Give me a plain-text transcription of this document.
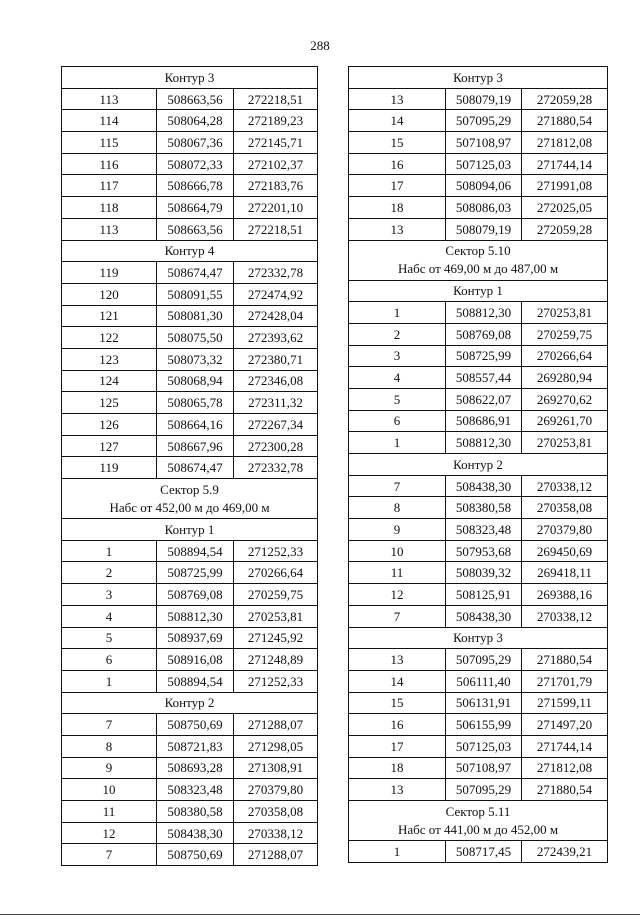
288
Контур 3		
113	508663,56	272218,51
114	508064,28	272189,23
115	508067,36	272145,71
116	508072,33	272102,37
117	508666,78	272183,76
118	508664,79	272201,10
113	508663,56	272218,51
Контур 4		
119	508674,47	272332,78
120	508091,55	272474,92
121	508081,30	272428,04
122	508075,50	272393,62
123	508073,32	272380,71
124	508068,94	272346,08
125	508065,78	272311,32
126	508664,16	272267,34
127	508667,96	272300,28
119	508674,47	272332,78

Сектор 5.9
Набс от 452,00 м до 469,00 м		

Контур 1		
1	508894,54	271252,33
2	508725,99	270266,64
3	508769,08	270259,75
4	508812,30	270253,81
5	508937,69	271245,92
6	508916,08	271248,89
1	508894,54	271252,33
Контур 2		
7	508750,69	271288,07
8	508721,83	271298,05
9	508693,28	271308,91
10	508323,48	270379,80
11	508380,58	270358,08
12	508438,30	270338,12
7	508750,69	271288,07
Контур 3		
13	508079,19	272059,28
14	507095,29	271880,54
15	507108,97	271812,08
16	507125,03	271744,14
17	508094,06	271991,08
18	508086,03	272025,05
13	508079,19	272059,28

Сектор 5.10
Набс от 469,00 м до 487,00 м		

Контур 1		
1	508812,30	270253,81
2	508769,08	270259,75
3	508725,99	270266,64
4	508557,44	269280,94
5	508622,07	269270,62
6	508686,91	269261,70
1	508812,30	270253,81
Контур 2		
7	508438,30	270338,12
8	508380,58	270358,08
9	508323,48	270379,80
10	507953,68	269450,69
11	508039,32	269418,11
12	508125,91	269388,16
7	508438,30	270338,12
Контур 3		
13	507095,29	271880,54
14	506111,40	271701,79
15	506131,91	271599,11
16	506155,99	271497,20
17	507125,03	271744,14
18	507108,97	271812,08
13	507095,29	271880,54

Сектор 5.11
Набс от 441,00 м до 452,00 м		

1	508717,45	272439,21
